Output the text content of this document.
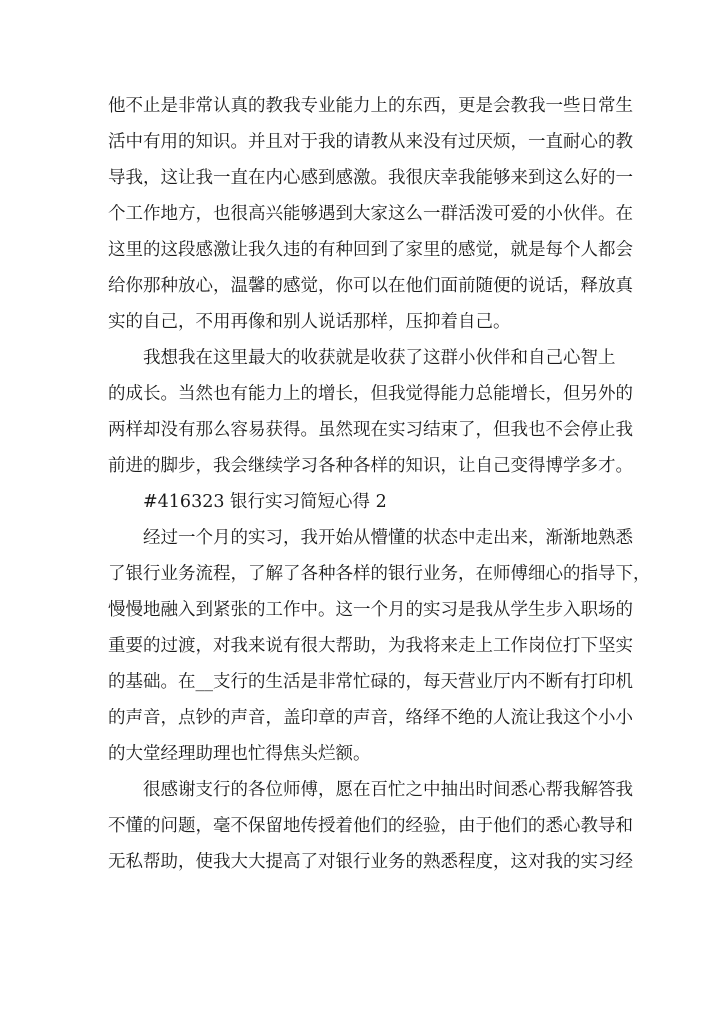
他不止是非常认真的教我专业能力上的东西，更是会教我一些日常生
活中有用的知识。并且对于我的请教从来没有过厌烦，一直耐心的教
导我，这让我一直在内心感到感激。我很庆幸我能够来到这么好的一
个工作地方，也很高兴能够遇到大家这么一群活泼可爱的小伙伴。在
这里的这段感激让我久违的有种回到了家里的感觉，就是每个人都会
给你那种放心，温馨的感觉，你可以在他们面前随便的说话，释放真
实的自己，不用再像和别人说话那样，压抑着自己。
我想我在这里最大的收获就是收获了这群小伙伴和自己心智上
的成长。当然也有能力上的增长，但我觉得能力总能增长，但另外的
两样却没有那么容易获得。虽然现在实习结束了，但我也不会停止我
前进的脚步，我会继续学习各种各样的知识，让自己变得博学多才。
#416323 银行实习简短心得 2
经过一个月的实习，我开始从懵懂的状态中走出来，渐渐地熟悉
了银行业务流程，了解了各种各样的银行业务，在师傅细心的指导下，
慢慢地融入到紧张的工作中。这一个月的实习是我从学生步入职场的
重要的过渡，对我来说有很大帮助，为我将来走上工作岗位打下坚实
的基础。在__支行的生活是非常忙碌的，每天营业厅内不断有打印机
的声音，点钞的声音，盖印章的声音，络绎不绝的人流让我这个小小
的大堂经理助理也忙得焦头烂额。
很感谢支行的各位师傅，愿在百忙之中抽出时间悉心帮我解答我
不懂的问题，毫不保留地传授着他们的经验，由于他们的悉心教导和
无私帮助，使我大大提高了对银行业务的熟悉程度，这对我的实习经
